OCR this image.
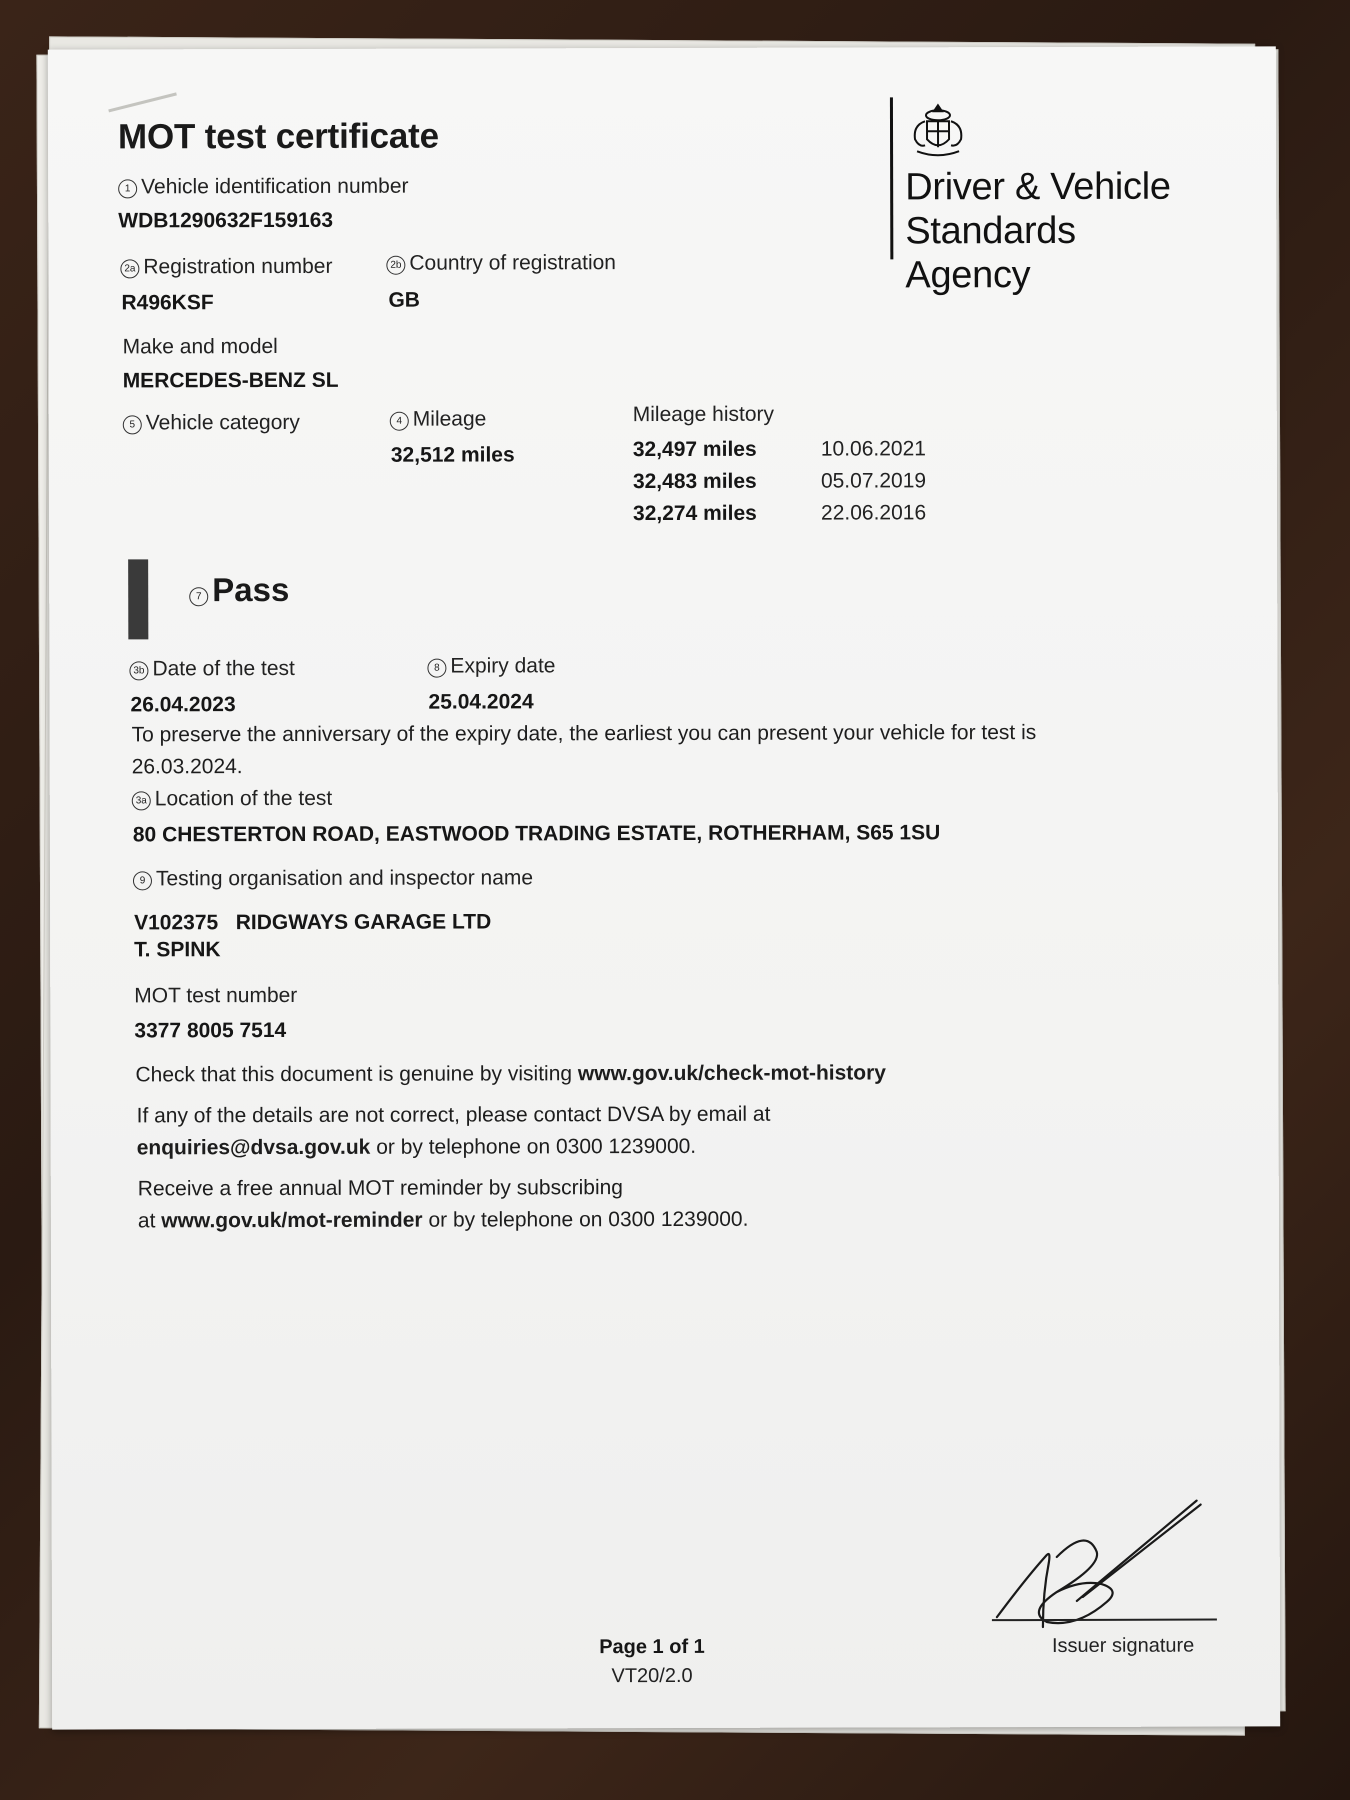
MOT test certificate
1 Vehicle identification number
WDB1290632F159163
2a Registration number
R496KSF
2b Country of registration
GB
Make and model
MERCEDES-BENZ SL
5 Vehicle category	4 Mileage
32,512 miles
Mileage history
32,497 miles	10.06.2021
32,483 miles	05.07.2019
32,274 miles	22.06.2016
Driver & Vehicle
Standards
Agency
7 Pass
3b Date of the test
26.04.2023
8 Expiry date
25.04.2024
To preserve the anniversary of the expiry date, the earliest you can present your vehicle for test is
26.03.2024.
3a Location of the test
80 CHESTERTON ROAD, EASTWOOD TRADING ESTATE, ROTHERHAM, S65 1SU
9 Testing organisation and inspector name
V102375 RIDGWAYS GARAGE LTD
T. SPINK
MOT test number
3377 8005 7514
Check that this document is genuine by visiting www.gov.uk/check-mot-history
If any of the details are not correct, please contact DVSA by email at
enquiries@dvsa.gov.uk or by telephone on 0300 1239000.
Receive a free annual MOT reminder by subscribing
at www.gov.uk/mot-reminder or by telephone on 0300 1239000.
Page 1 of 1
VT20/2.0
Issuer signature
